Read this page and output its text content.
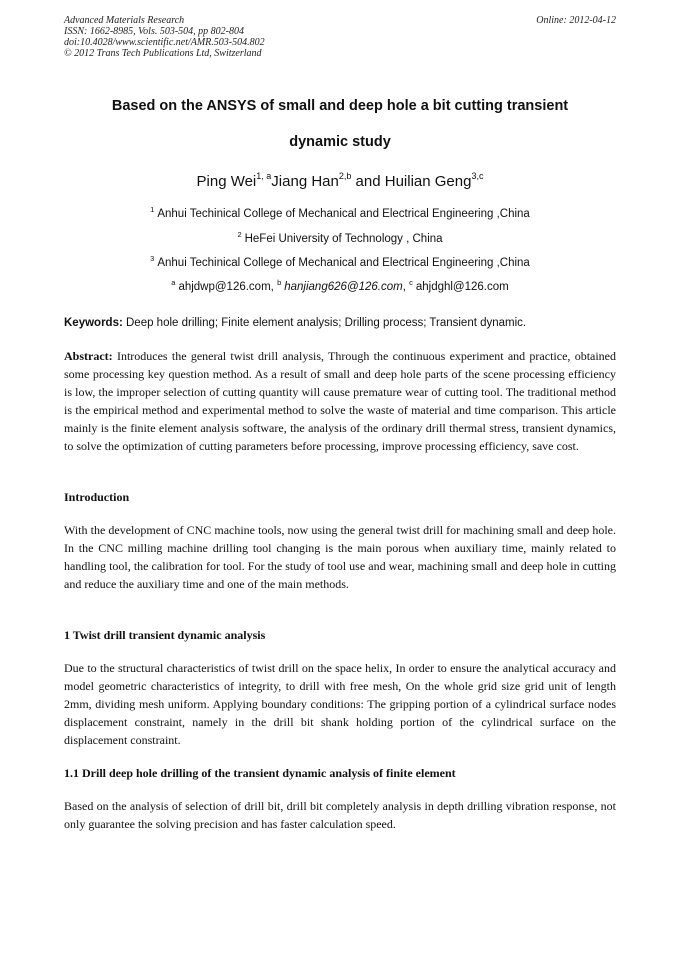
Advanced Materials Research
ISSN: 1662-8985, Vols. 503-504, pp 802-804
doi:10.4028/www.scientific.net/AMR.503-504.802
© 2012 Trans Tech Publications Ltd, Switzerland
Online: 2012-04-12
Based on the ANSYS of small and deep hole a bit cutting transient
dynamic study
Ping Wei$^{1, a}$Jiang Han$^{2,b}$ and Huilian Geng$^{3,c}$
$^1$ Anhui Techinical College of Mechanical and Electrical Engineering ,China
$^2$ HeFei University of Technology , China
$^3$ Anhui Techinical College of Mechanical and Electrical Engineering ,China
$^a$ ahjdwp@126.com, $^b$ hanjiang626@126.com, $^c$ ahjdghl@126.com
Keywords: Deep hole drilling; Finite element analysis; Drilling process; Transient dynamic.
Abstract: Introduces the general twist drill analysis, Through the continuous experiment and practice, obtained some processing key question method. As a result of small and deep hole parts of the scene processing efficiency is low, the improper selection of cutting quantity will cause premature wear of cutting tool. The traditional method is the empirical method and experimental method to solve the waste of material and time comparison. This article mainly is the finite element analysis software, the analysis of the ordinary drill thermal stress, transient dynamics, to solve the optimization of cutting parameters before processing, improve processing efficiency, save cost.
Introduction
With the development of CNC machine tools, now using the general twist drill for machining small and deep hole. In the CNC milling machine drilling tool changing is the main porous when auxiliary time, mainly related to handling tool, the calibration for tool. For the study of tool use and wear, machining small and deep hole in cutting and reduce the auxiliary time and one of the main methods.
1 Twist drill transient dynamic analysis
Due to the structural characteristics of twist drill on the space helix, In order to ensure the analytical accuracy and model geometric characteristics of integrity, to drill with free mesh, On the whole grid size grid unit of length 2mm, dividing mesh uniform. Applying boundary conditions: The gripping portion of a cylindrical surface nodes displacement constraint, namely in the drill bit shank holding portion of the cylindrical surface on the displacement constraint.
1.1 Drill deep hole drilling of the transient dynamic analysis of finite element
Based on the analysis of selection of drill bit, drill bit completely analysis in depth drilling vibration response, not only guarantee the solving precision and has faster calculation speed.
